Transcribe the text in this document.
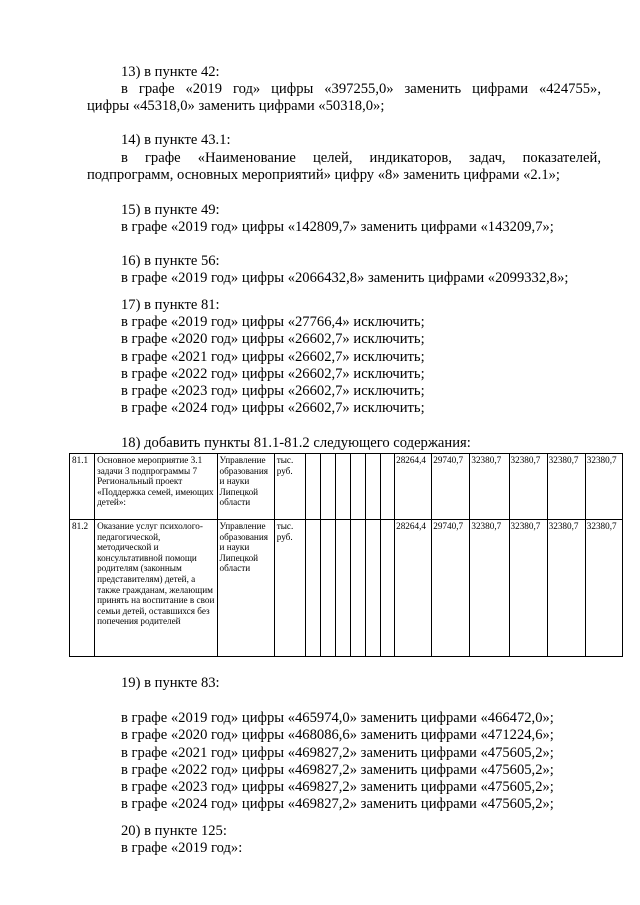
13) в пункте 42:
в графе «2019 год» цифры «397255,0» заменить цифрами «424755»,
цифры «45318,0» заменить цифрами «50318,0»;
14) в пункте 43.1:
в графе «Наименование целей, индикаторов, задач, показателей,
подпрограмм, основных мероприятий» цифру «8» заменить цифрами «2.1»;
15) в пункте 49:
в графе «2019 год» цифры «142809,7» заменить цифрами «143209,7»;
16) в пункте 56:
в графе «2019 год» цифры «2066432,8» заменить цифрами «2099332,8»;
17) в пункте 81:
в графе «2019 год» цифры «27766,4» исключить;
в графе «2020 год» цифры «26602,7» исключить;
в графе «2021 год» цифры «26602,7» исключить;
в графе «2022 год» цифры «26602,7» исключить;
в графе «2023 год» цифры «26602,7» исключить;
в графе «2024 год» цифры «26602,7» исключить;
18) добавить пункты 81.1-81.2 следующего содержания:
81.1	Основное мероприятие 3.1 задачи 3 подпрограммы 7 Региональный проект «Поддержка семей, имеющих детей»:	Управление образования и науки Липецкой области	тыс. руб.							28264,4	29740,7	32380,7	32380,7	32380,7	32380,7
81.2	Оказание услуг психолого-педагогической, методической и консультативной помощи родителям (законным представителям) детей, а также гражданам, желающим принять на воспитание в свои семьи детей, оставшихся без попечения родителей	Управление образования и науки Липецкой области	тыс. руб.							28264,4	29740,7	32380,7	32380,7	32380,7	32380,7
19) в пункте 83:
в графе «2019 год» цифры «465974,0» заменить цифрами «466472,0»;
в графе «2020 год» цифры «468086,6» заменить цифрами «471224,6»;
в графе «2021 год» цифры «469827,2» заменить цифрами «475605,2»;
в графе «2022 год» цифры «469827,2» заменить цифрами «475605,2»;
в графе «2023 год» цифры «469827,2» заменить цифрами «475605,2»;
в графе «2024 год» цифры «469827,2» заменить цифрами «475605,2»;
20) в пункте 125:
в графе «2019 год»:
